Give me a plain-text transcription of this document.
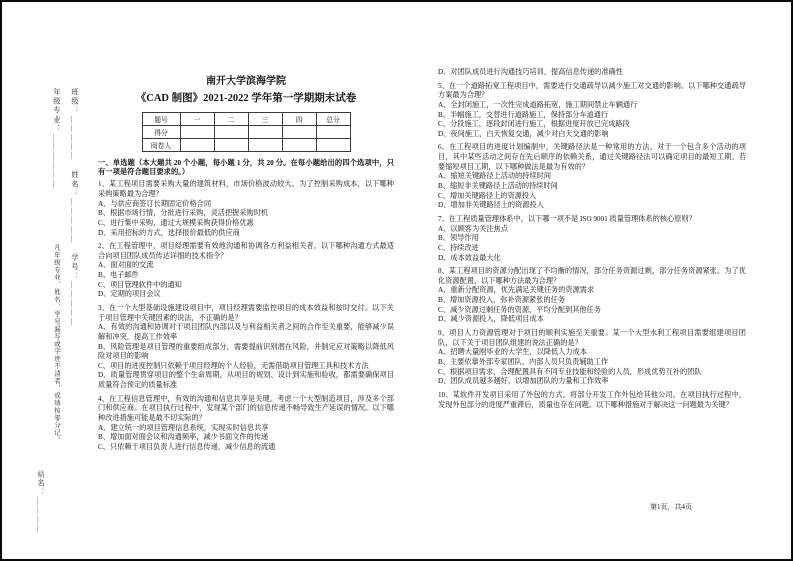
班级：＿＿＿＿＿　姓名：＿＿＿＿＿　学号：＿＿＿＿＿
年级专业：＿＿＿＿＿＿
凡年级专业、姓名、学号漏写或字迹不清者，成绩按零分记。
站名：＿＿＿＿
南开大学滨海学院
《CAD 制图》2021-2022 学年第一学期期末试卷
题号	一	二	三	四	总分
得分					
阅卷人					

一、单选题（本大题共 20 个小题，每小题 1 分，共 20 分。在每小题给出的四个选项中，只有一项是符合题目要求的。）

1、某工程项目需要采购大量的建筑材料，市场价格波动较大。为了控制采购成本，以下哪种采购策略最为合理？

A、与供应商签订长期固定价格合同

B、根据市场行情，分批进行采购，灵活把握采购时机

C、进行集中采购，通过大规模采购获得价格优惠

D、采用招标的方式，选择报价最低的供应商

2、在工程管理中，项目经理需要有效地沟通和协调各方利益相关者。以下哪种沟通方式最适合向项目团队成员传达详细的技术指令？

A、面对面的交流

B、电子邮件

C、项目管理软件中的通知

D、定期的项目会议

3、在一个大型基础设施建设项目中，项目经理需要监控项目的成本效益和按时交付。以下关于项目管理中关键因素的说法，不正确的是？

A、有效的沟通和协调对于项目团队内部以及与利益相关者之间的合作至关重要，能够减少误解和冲突，提高工作效率

B、风险管理是项目管理的重要组成部分，需要提前识别潜在风险，并制定应对策略以降低风险对项目的影响

C、项目的进度控制只依赖于项目经理的个人经验，无需借助项目管理工具和技术方法

D、质量管理贯穿项目的整个生命周期，从项目的规划、设计到实施和验收，都需要确保项目质量符合预定的质量标准

4、在工程信息管理中，有效的沟通和信息共享是关键。考虑一个大型制造项目，涉及多个部门和供应商。在项目执行过程中，发现某个部门的信息传递不畅导致生产延误的情况。以下哪种改进措施可能是最不切实际的？

A、建立统一的项目管理信息系统，实现实时信息共享

B、增加面对面会议和沟通频率，减少书面文件的传递

C、只依赖于项目负责人进行信息传递，减少信息的流通

D、对团队成员进行沟通技巧培训，提高信息传递的准确性

5、在一个道路拓宽工程项目中，需要进行交通疏导以减少施工对交通的影响。以下哪种交通疏导方案最为合理？

A、全封闭施工，一次性完成道路拓宽，施工期间禁止车辆通行

B、半幅施工，交替进行道路施工，保持部分车道通行

C、分段施工，逐段封闭进行施工，根据进度开放已完成路段

D、夜间施工，白天恢复交通，减少对白天交通的影响

6、在工程项目的进度计划编制中，关键路径法是一种常用的方法。对于一个包含多个活动的项目，其中某些活动之间存在先后顺序的依赖关系，通过关键路径法可以确定项目的最短工期。若要缩短项目工期，以下哪种做法是最为有效的？

A、缩短关键路径上活动的持续时间

B、缩短非关键路径上活动的持续时间

C、增加关键路径上的资源投入

D、增加非关键路径上的资源投入

7、在工程质量管理体系中，以下哪一项不是 ISO 9001 质量管理体系的核心原则？

A、以顾客为关注焦点

B、领导作用

C、持续改进

D、成本效益最大化

8、某工程项目的资源分配出现了不均衡的情况，部分任务资源过剩，部分任务资源紧张。为了优化资源配置，以下哪种方法最为合理？

A、重新分配资源，优先满足关键任务的资源需求

B、增加资源投入，弥补资源紧张的任务

C、减少资源过剩任务的资源，平均分配到其他任务

D、减少资源投入，降低项目成本

9、项目人力资源管理对于项目的顺利实施至关重要。某一个大型水利工程项目需要组建项目团队，以下关于项目团队组建的说法正确的是？

A、招聘大量刚毕业的大学生，以降低人力成本

B、主要依靠外部专家团队，内部人员只负责辅助工作

C、根据项目需求，合理配置具有不同专业技能和经验的人员，形成优势互补的团队

D、团队成员越多越好，以增加团队的力量和工作效率

10、某软件开发项目采用了外包的方式，将部分开发工作外包给其他公司。在项目执行过程中，发现外包部分的进度严重滞后，质量也存在问题。以下哪种措施对于解决这一问题最为关键？

第1页，共4页
